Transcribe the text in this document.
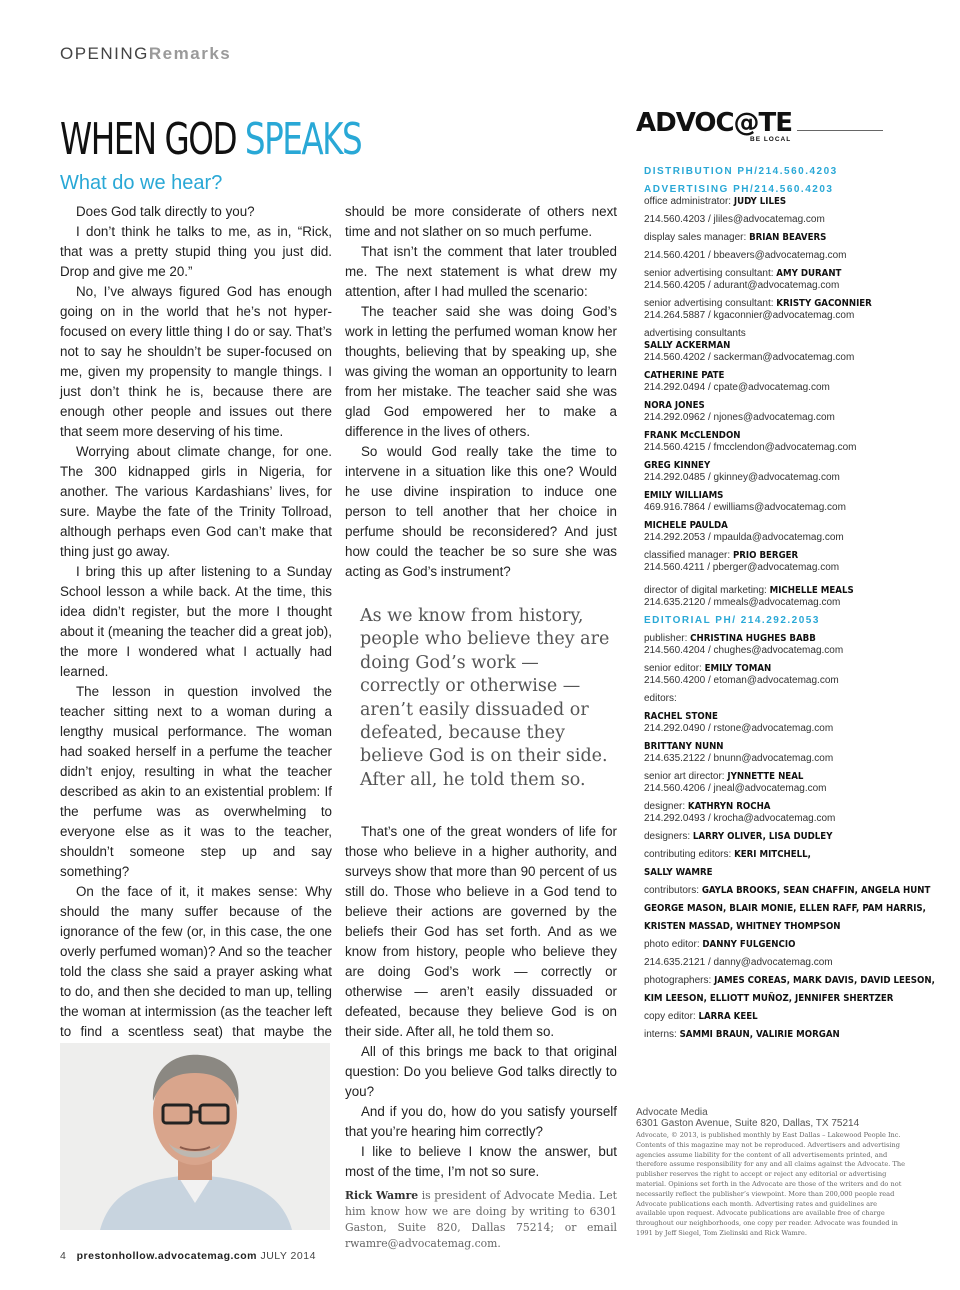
OPENINGRemarks
WHEN GOD SPEAKS
What do we hear?

Does God talk directly to you?

I don’t think he talks to me, as in, “Rick, that was a pretty stupid thing you just did. Drop and give me 20.”

No, I’ve always figured God has enough going on in the world that he’s not hyper-focused on every little thing I do or say. That’s not to say he shouldn’t be super-focused on me, given my propensity to mangle things. I just don’t think he is, because there are enough other people and issues out there that seem more deserving of his time.

Worrying about climate change, for one. The 300 kidnapped girls in Nigeria, for another. The various Kardashians’ lives, for sure. Maybe the fate of the Trinity Tollroad, although perhaps even God can’t make that thing just go away.

I bring this up after listening to a Sunday School lesson a while back. At the time, this idea didn’t register, but the more I thought about it (meaning the teacher did a great job), the more I wondered what I actually had learned.

The lesson in question involved the teacher sitting next to a woman during a lengthy musical performance. The woman had soaked herself in a perfume the teacher didn’t enjoy, resulting in what the teacher described as akin to an existential problem: If the perfume was as overwhelming to everyone else as it was to the teacher, shouldn’t someone step up and say something?

On the face of it, it makes sense: Why should the many suffer because of the ignorance of the few (or, in this case, the one overly perfumed woman)? And so the teacher told the class she said a prayer asking what to do, and then she decided to man up, telling the woman at intermission (as the teacher left to find a scentless seat) that maybe the

should be more considerate of others next time and not slather on so much perfume.

That isn’t the comment that later troubled me. The next statement is what drew my attention, after I had mulled the scenario:

The teacher said she was doing God’s work in letting the perfumed woman know her thoughts, believing that by speaking up, she was giving the woman an opportunity to learn from her mistake. The teacher said she was glad God empowered her to make a difference in the lives of others.

So would God really take the time to intervene in a situation like this one? Would he use divine inspiration to induce one person to tell another that her choice in perfume should be reconsidered? And just how could the teacher be so sure she was acting as God’s instrument?

As we know from history, people who believe they are doing God’s work — correctly or otherwise — aren’t easily dissuaded or defeated, because they believe God is on their side. After all, he told them so.

That’s one of the great wonders of life for those who believe in a higher authority, and surveys show that more than 90 percent of us still do. Those who believe in a God tend to believe their actions are governed by the beliefs their God has set forth. And as we know from history, people who believe they are doing God’s work — correctly or otherwise — aren’t easily dissuaded or defeated, because they believe God is on their side. After all, he told them so.

All of this brings me back to that original question: Do you believe God talks directly to you?

And if you do, how do you satisfy yourself that you’re hearing him correctly?

I like to believe I know the answer, but most of the time, I’m not so sure.

Rick Wamre is president of Advocate Media. Let him know how we are doing by writing to 6301 Gaston, Suite 820, Dallas 75214; or email rwamre@advocatemag.com.
4 prestonhollow.advocatemag.com JULY 2014
ADVOC@TE
BE LOCAL
DISTRIBUTION PH/214.560.4203
ADVERTISING PH/214.560.4203
office administrator: JUDY LILES
214.560.4203 / jliles@advocatemag.com
display sales manager: BRIAN BEAVERS
214.560.4201 / bbeavers@advocatemag.com
senior advertising consultant: AMY DURANT
214.560.4205 / adurant@advocatemag.com
senior advertising consultant: KRISTY GACONNIER
214.264.5887 / kgaconnier@advocatemag.com
advertising consultants
SALLY ACKERMAN
214.560.4202 / sackerman@advocatemag.com
CATHERINE PATE
214.292.0494 / cpate@advocatemag.com
NORA JONES
214.292.0962 / njones@advocatemag.com
FRANK McCLENDON
214.560.4215 / fmcclendon@advocatemag.com
GREG KINNEY
214.292.0485 / gkinney@advocatemag.com
EMILY WILLIAMS
469.916.7864 / ewilliams@advocatemag.com
MICHELE PAULDA
214.292.2053 / mpaulda@advocatemag.com
classified manager: PRIO BERGER
214.560.4211 / pberger@advocatemag.com
director of digital marketing: MICHELLE MEALS
214.635.2120 / mmeals@advocatemag.com
EDITORIAL PH/ 214.292.2053
publisher: CHRISTINA HUGHES BABB
214.560.4204 / chughes@advocatemag.com
senior editor: EMILY TOMAN
214.560.4200 / etoman@advocatemag.com
editors:
RACHEL STONE
214.292.0490 / rstone@advocatemag.com
BRITTANY NUNN
214.635.2122 / bnunn@advocatemag.com
senior art director: JYNNETTE NEAL
214.560.4206 / jneal@advocatemag.com
designer: KATHRYN ROCHA
214.292.0493 / krocha@advocatemag.com
designers: LARRY OLIVER, LISA DUDLEY
contributing editors: KERI MITCHELL,
SALLY WAMRE
contributors: GAYLA BROOKS, SEAN CHAFFIN, ANGELA HUNT
GEORGE MASON, BLAIR MONIE, ELLEN RAFF, PAM HARRIS,
KRISTEN MASSAD, WHITNEY THOMPSON
photo editor: DANNY FULGENCIO
214.635.2121 / danny@advocatemag.com
photographers: JAMES COREAS, MARK DAVIS, DAVID LEESON,
KIM LEESON, ELLIOTT MUÑOZ, JENNIFER SHERTZER
copy editor: LARRA KEEL
interns: SAMMI BRAUN, VALIRIE MORGAN
Advocate Media
6301 Gaston Avenue, Suite 820, Dallas, TX 75214
Advocate, © 2013, is published monthly by East Dallas – Lakewood People Inc. Contents of this magazine may not be reproduced. Advertisers and advertising agencies assume liability for the content of all advertisements printed, and therefore assume responsibility for any and all claims against the Advocate. The publisher reserves the right to accept or reject any editorial or advertising material. Opinions set forth in the Advocate are those of the writers and do not necessarily reflect the publisher’s viewpoint. More than 200,000 people read Advocate publications each month. Advertising rates and guidelines are available upon request. Advocate publications are available free of charge throughout our neighborhoods, one copy per reader. Advocate was founded in 1991 by Jeff Siegel, Tom Zielinski and Rick Wamre.
